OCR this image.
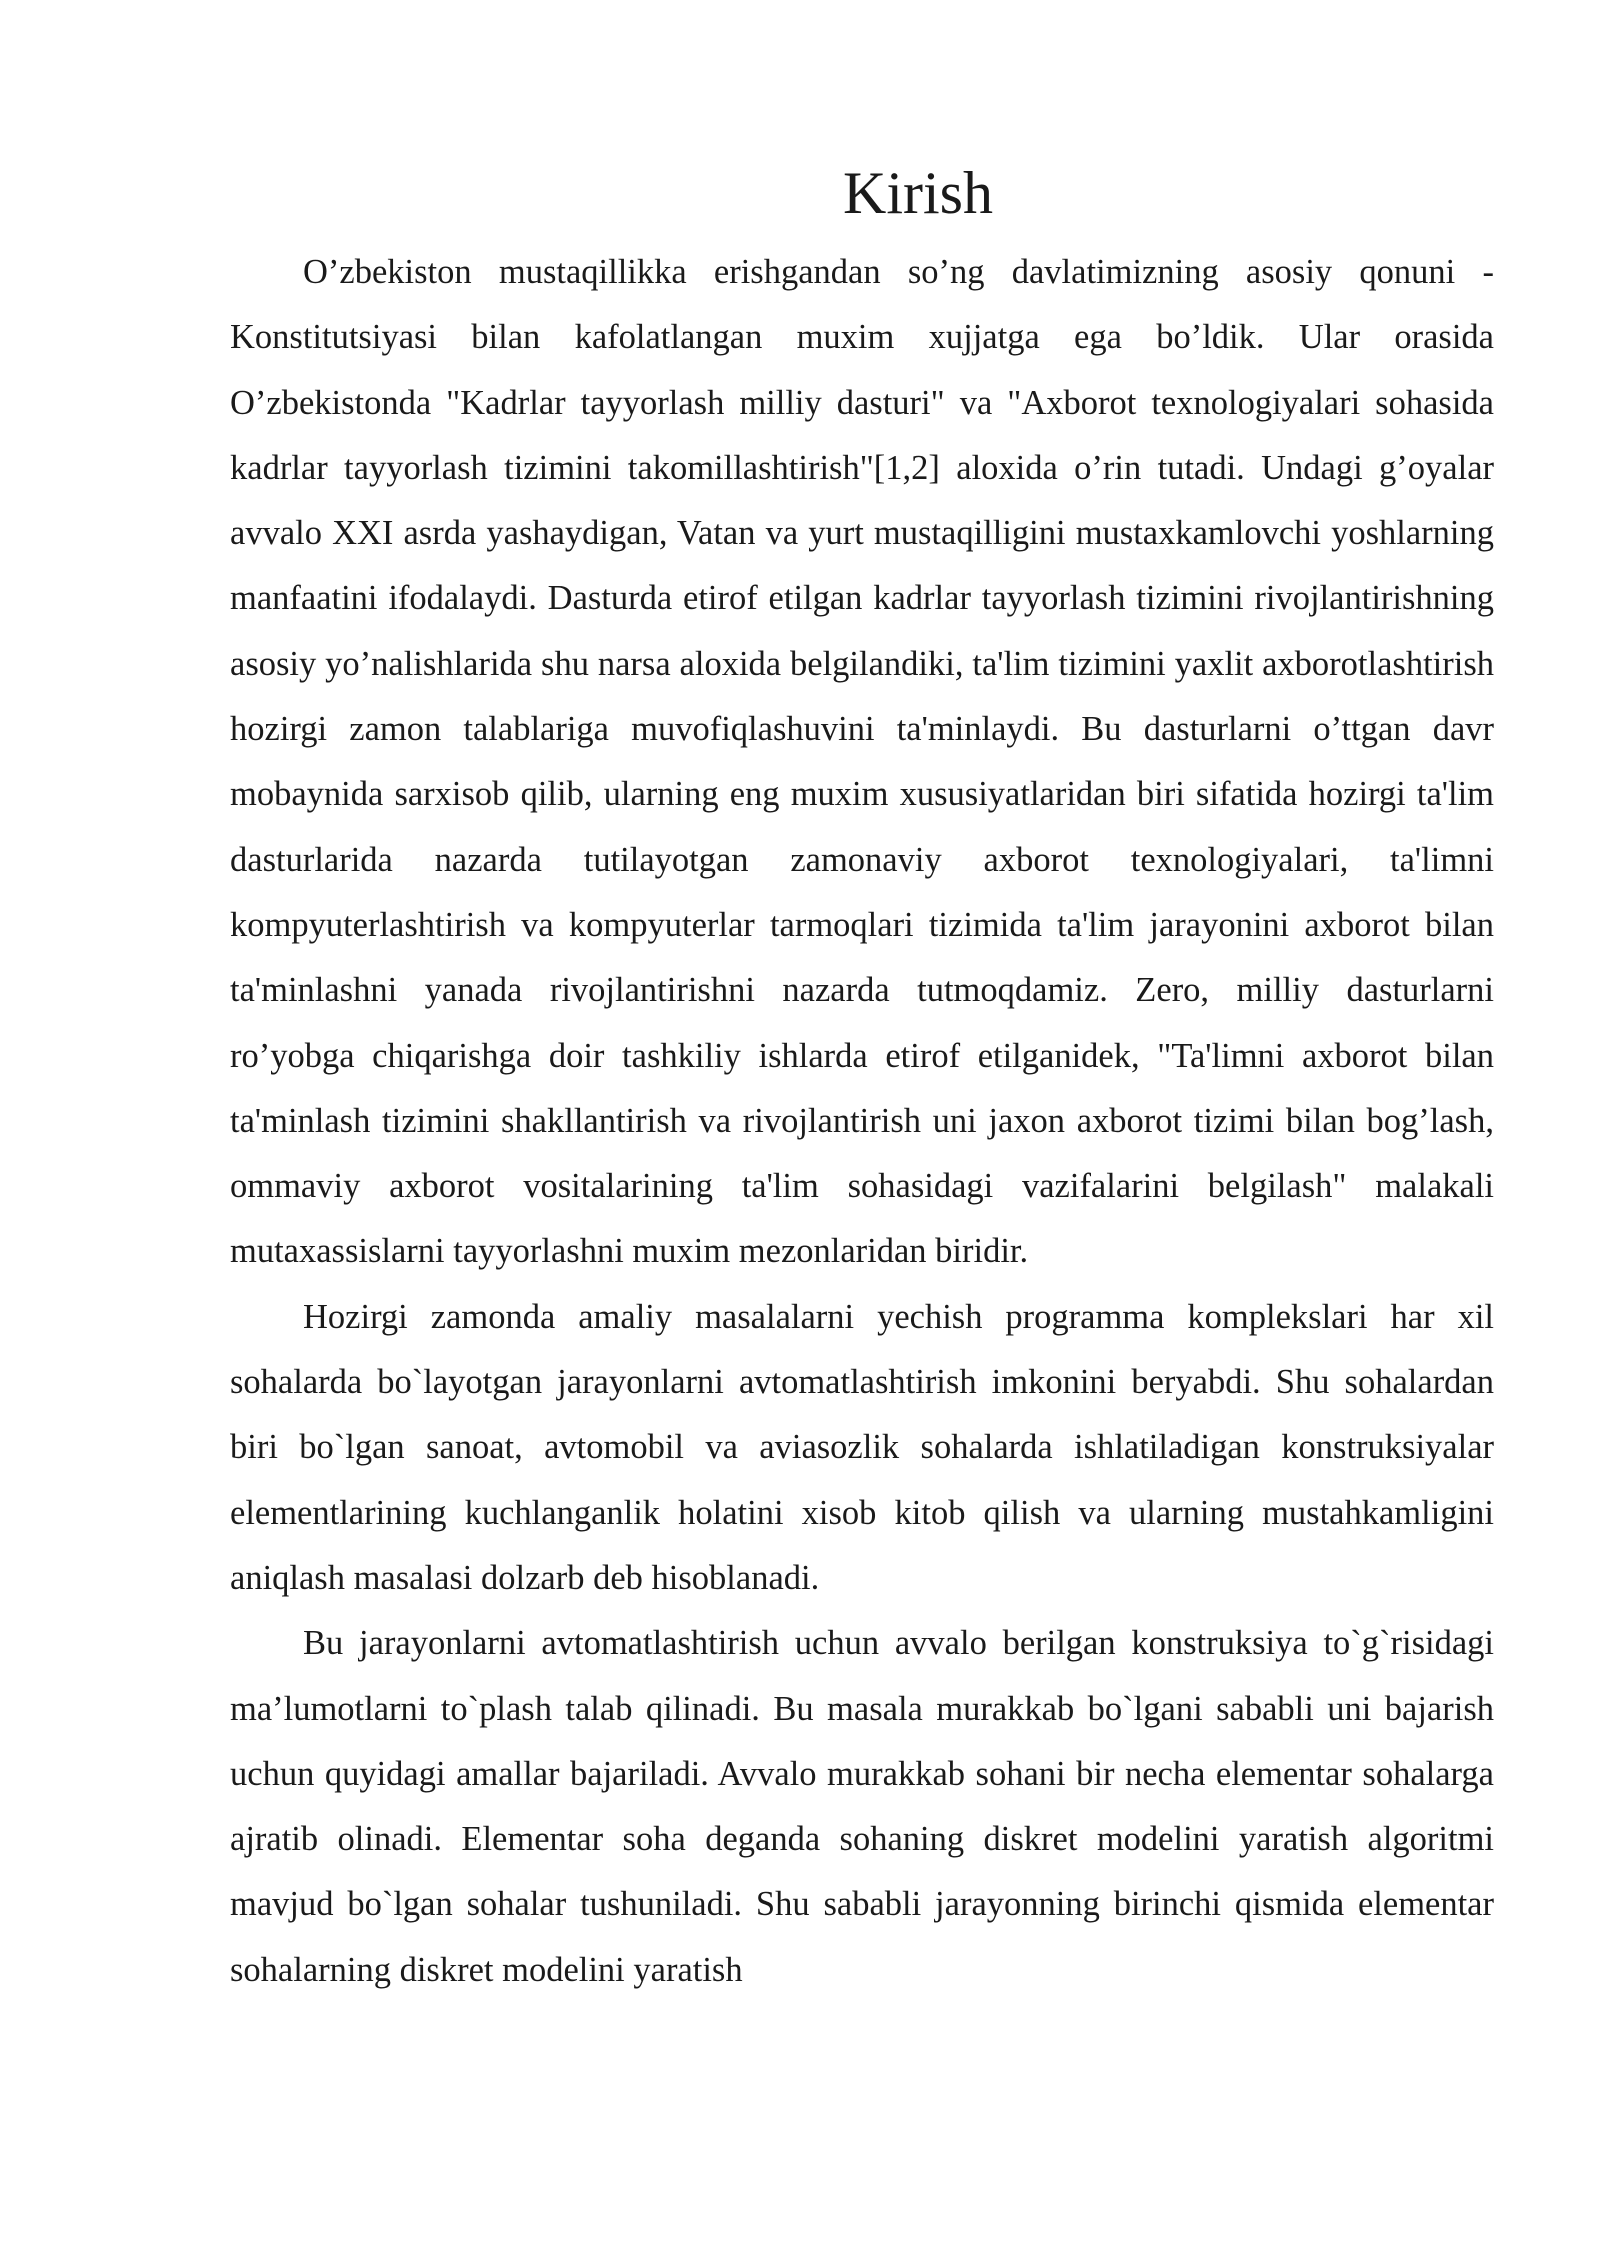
Kirish

O’zbekiston mustaqillikka erishgandan so’ng davlatimizning asosiy qonuni - Konstitutsiyasi bilan kafolatlangan muxim xujjatga ega bo’ldik. Ular orasida O’zbekistonda "Kadrlar tayyorlash milliy dasturi" va "Axborot texnologiyalari sohasida kadrlar tayyorlash tizimini takomillashtirish"[1,2] aloxida o’rin tutadi. Undagi g’oyalar avvalo XXI asrda yashaydigan, Vatan va yurt mustaqilligini mustaxkamlovchi yoshlarning manfaatini ifodalaydi. Dasturda etirof etilgan kadrlar tayyorlash tizimini rivojlantirishning asosiy yo’nalishlarida shu narsa aloxida belgilandiki, ta'lim tizimini yaxlit axborotlashtirish hozirgi zamon talablariga muvofiqlashuvini ta'minlaydi. Bu dasturlarni o’ttgan davr mobaynida sarxisob qilib, ularning eng muxim xususiyatlaridan biri sifatida hozirgi ta'lim dasturlarida nazarda tutilayotgan zamonaviy axborot texnologiyalari, ta'limni kompyuterlashtirish va kompyuterlar tarmoqlari tizimida ta'lim jarayonini axborot bilan ta'minlashni yanada rivojlantirishni nazarda tutmoqdamiz. Zero, milliy dasturlarni ro’yobga chiqarishga doir tashkiliy ishlarda etirof etilganidek, "Ta'limni axborot bilan ta'minlash tizimini shakllantirish va rivojlantirish uni jaxon axborot tizimi bilan bog’lash, ommaviy axborot vositalarining ta'lim sohasidagi vazifalarini belgilash" malakali mutaxassislarni tayyorlashni muxim mezonlaridan biridir.

Hozirgi zamonda amaliy masalalarni yechish programma komplekslari har xil sohalarda bo`layotgan jarayonlarni avtomatlashtirish imkonini beryabdi. Shu sohalardan biri bo`lgan sanoat, avtomobil va aviasozlik sohalarda ishlatiladigan konstruksiyalar elementlarining kuchlanganlik holatini xisob kitob qilish va ularning mustahkamligini aniqlash masalasi dolzarb deb hisoblanadi.

Bu jarayonlarni avtomatlashtirish uchun avvalo berilgan konstruksiya to`g`risidagi ma’lumotlarni to`plash talab qilinadi. Bu masala murakkab bo`lgani sababli uni bajarish uchun quyidagi amallar bajariladi. Avvalo murakkab sohani bir necha elementar sohalarga ajratib olinadi. Elementar soha deganda sohaning diskret modelini yaratish algoritmi mavjud bo`lgan sohalar tushuniladi. Shu sababli jarayonning birinchi qismida elementar sohalarning diskret modelini yaratish
